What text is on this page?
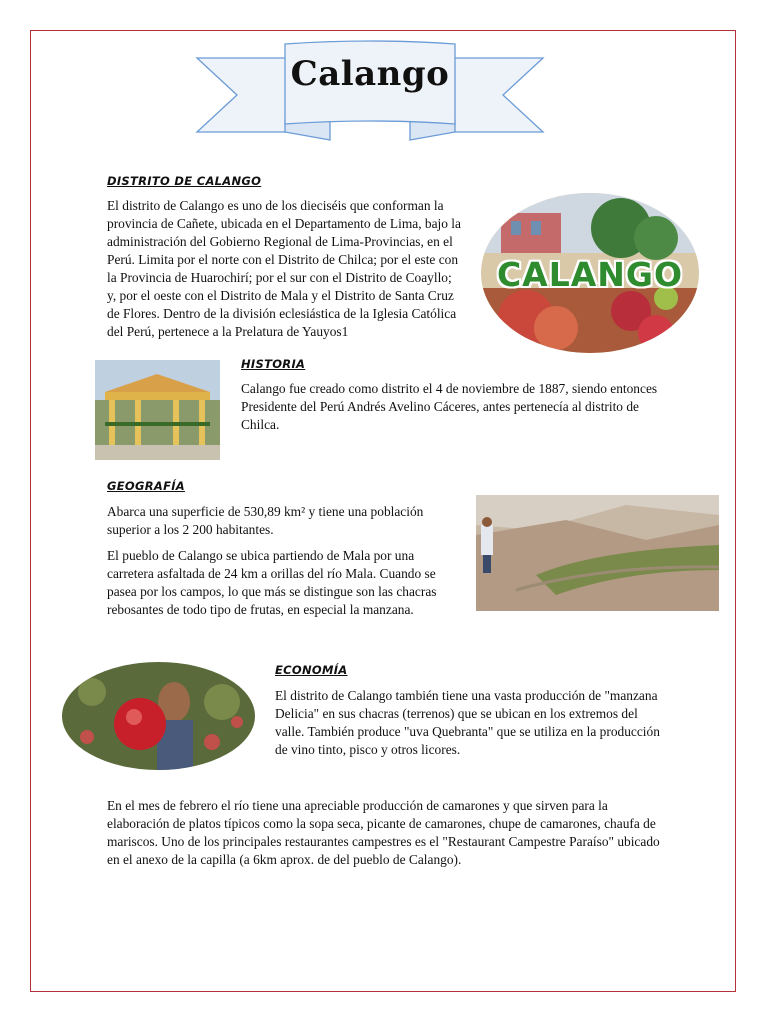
Calango
DISTRITO DE CALANGO

El distrito de Calango es uno de los dieciséis que conforman la provincia de Cañete, ubicada en el Departamento de Lima, bajo la administración del Gobierno Regional de Lima-Provincias, en el Perú. Limita por el norte con el Distrito de Chilca; por el este con la Provincia de Huarochirí; por el sur con el Distrito de Coayllo; y, por el oeste con el Distrito de Mala y el Distrito de Santa Cruz de Flores. Dentro de la división eclesiástica de la Iglesia Católica del Perú, pertenece a la Prelatura de Yauyos1

CALANGO
HISTORIA

Calango fue creado como distrito el 4 de noviembre de 1887, siendo entonces Presidente del Perú Andrés Avelino Cáceres, antes pertenecía al distrito de Chilca.

GEOGRAFÍA

Abarca una superficie de 530,89 km² y tiene una población superior a los 2 200 habitantes.

El pueblo de Calango se ubica partiendo de Mala por una carretera asfaltada de 24 km a orillas del río Mala. Cuando se pasea por los campos, lo que más se distingue son las chacras rebosantes de todo tipo de frutas, en especial la manzana.

ECONOMÍA

El distrito de Calango también tiene una vasta producción de "manzana Delicia" en sus chacras (terrenos) que se ubican en los extremos del valle. También produce "uva Quebranta" que se utiliza en la producción de vino tinto, pisco y otros licores.

En el mes de febrero el río tiene una apreciable producción de camarones y que sirven para la elaboración de platos típicos como la sopa seca, picante de camarones, chupe de camarones, chaufa de mariscos. Uno de los principales restaurantes campestres es el "Restaurant Campestre Paraíso" ubicado en el anexo de la capilla (a 6km aprox. de del pueblo de Calango).
